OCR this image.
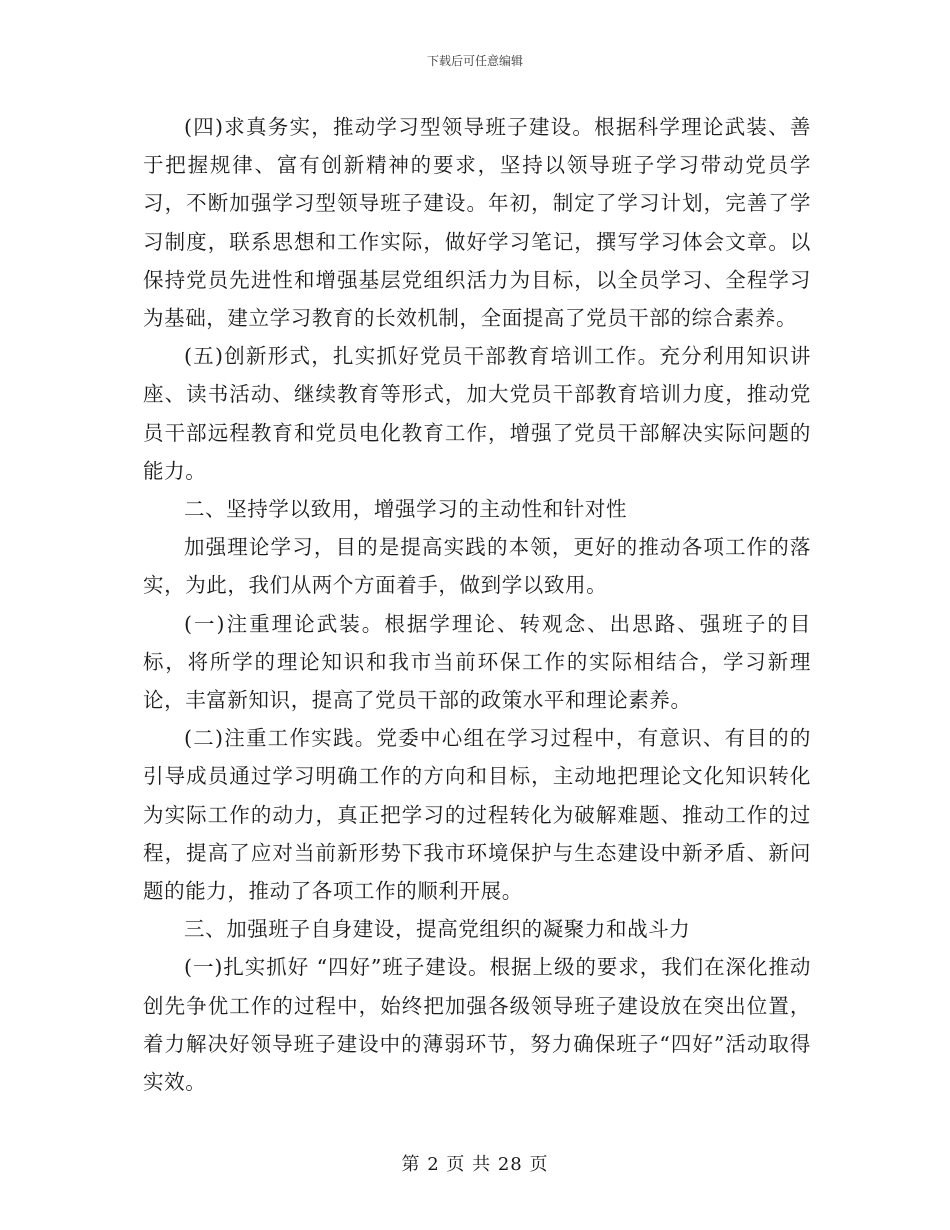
下载后可任意编辑

(四)求真务实，推动学习型领导班子建设。根据科学理论武装、善于把握规律、富有创新精神的要求，坚持以领导班子学习带动党员学习，不断加强学习型领导班子建设。年初，制定了学习计划，完善了学习制度，联系思想和工作实际，做好学习笔记，撰写学习体会文章。以保持党员先进性和增强基层党组织活力为目标，以全员学习、全程学习为基础，建立学习教育的长效机制，全面提高了党员干部的综合素养。

(五)创新形式，扎实抓好党员干部教育培训工作。充分利用知识讲座、读书活动、继续教育等形式，加大党员干部教育培训力度，推动党员干部远程教育和党员电化教育工作，增强了党员干部解决实际问题的能力。

二、坚持学以致用，增强学习的主动性和针对性

加强理论学习，目的是提高实践的本领，更好的推动各项工作的落实，为此，我们从两个方面着手，做到学以致用。

(一)注重理论武装。根据学理论、转观念、出思路、强班子的目标，将所学的理论知识和我市当前环保工作的实际相结合，学习新理论，丰富新知识，提高了党员干部的政策水平和理论素养。

(二)注重工作实践。党委中心组在学习过程中，有意识、有目的的引导成员通过学习明确工作的方向和目标，主动地把理论文化知识转化为实际工作的动力，真正把学习的过程转化为破解难题、推动工作的过程，提高了应对当前新形势下我市环境保护与生态建设中新矛盾、新问题的能力，推动了各项工作的顺利开展。

三、加强班子自身建设，提高党组织的凝聚力和战斗力

(一)扎实抓好 “四好”班子建设。根据上级的要求，我们在深化推动创先争优工作的过程中，始终把加强各级领导班子建设放在突出位置，着力解决好领导班子建设中的薄弱环节，努力确保班子“四好”活动取得实效。

第 2 页 共 28 页
